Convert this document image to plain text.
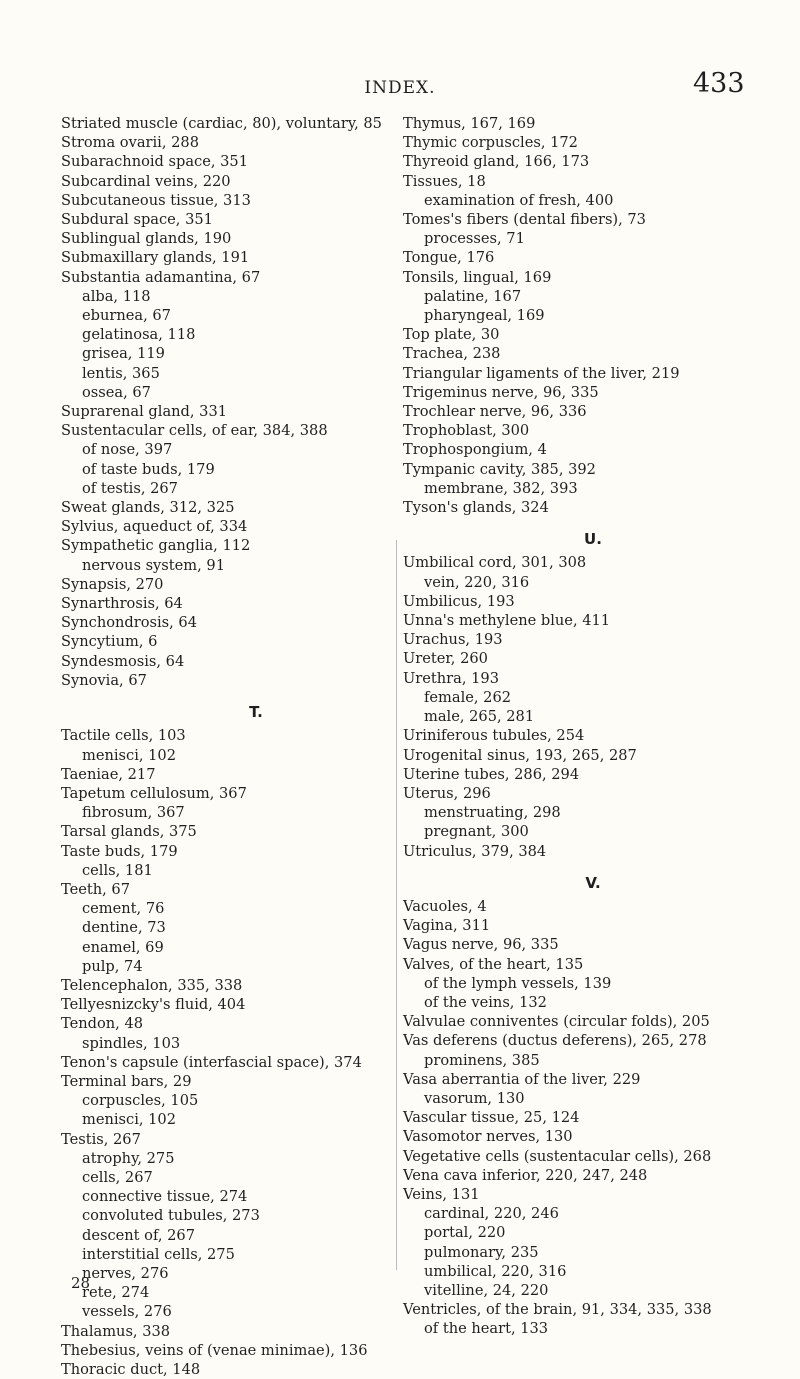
INDEX.	433
Striated muscle (cardiac, 80), voluntary, 85
Stroma ovarii, 288
Subarachnoid space, 351
Subcardinal veins, 220
Subcutaneous tissue, 313
Subdural space, 351
Sublingual glands, 190
Submaxillary glands, 191
Substantia adamantina, 67
alba, 118
eburnea, 67
gelatinosa, 118
grisea, 119
lentis, 365
ossea, 67
Suprarenal gland, 331
Sustentacular cells, of ear, 384, 388
of nose, 397
of taste buds, 179
of testis, 267
Sweat glands, 312, 325
Sylvius, aqueduct of, 334
Sympathetic ganglia, 112
nervous system, 91
Synapsis, 270
Synarthrosis, 64
Synchondrosis, 64
Syncytium, 6
Syndesmosis, 64
Synovia, 67
T.
Tactile cells, 103
menisci, 102
Taeniae, 217
Tapetum cellulosum, 367
fibrosum, 367
Tarsal glands, 375
Taste buds, 179
cells, 181
Teeth, 67
cement, 76
dentine, 73
enamel, 69
pulp, 74
Telencephalon, 335, 338
Tellyesnizcky's fluid, 404
Tendon, 48
spindles, 103
Tenon's capsule (interfascial space), 374
Terminal bars, 29
corpuscles, 105
menisci, 102
Testis, 267
atrophy, 275
cells, 267
connective tissue, 274
convoluted tubules, 273
descent of, 267
interstitial cells, 275
nerves, 276
rete, 274
vessels, 276
Thalamus, 338
Thebesius, veins of (venae minimae), 136
Thoracic duct, 148
Thymus, 167, 169
Thymic corpuscles, 172
Thyreoid gland, 166, 173
Tissues, 18
examination of fresh, 400
Tomes's fibers (dental fibers), 73
processes, 71
Tongue, 176
Tonsils, lingual, 169
palatine, 167
pharyngeal, 169
Top plate, 30
Trachea, 238
Triangular ligaments of the liver, 219
Trigeminus nerve, 96, 335
Trochlear nerve, 96, 336
Trophoblast, 300
Trophospongium, 4
Tympanic cavity, 385, 392
membrane, 382, 393
Tyson's glands, 324
U.
Umbilical cord, 301, 308
vein, 220, 316
Umbilicus, 193
Unna's methylene blue, 411
Urachus, 193
Ureter, 260
Urethra, 193
female, 262
male, 265, 281
Uriniferous tubules, 254
Urogenital sinus, 193, 265, 287
Uterine tubes, 286, 294
Uterus, 296
menstruating, 298
pregnant, 300
Utriculus, 379, 384
V.
Vacuoles, 4
Vagina, 311
Vagus nerve, 96, 335
Valves, of the heart, 135
of the lymph vessels, 139
of the veins, 132
Valvulae conniventes (circular folds), 205
Vas deferens (ductus deferens), 265, 278
prominens, 385
Vasa aberrantia of the liver, 229
vasorum, 130
Vascular tissue, 25, 124
Vasomotor nerves, 130
Vegetative cells (sustentacular cells), 268
Vena cava inferior, 220, 247, 248
Veins, 131
cardinal, 220, 246
portal, 220
pulmonary, 235
umbilical, 220, 316
vitelline, 24, 220
Ventricles, of the brain, 91, 334, 335, 338
of the heart, 133
28
